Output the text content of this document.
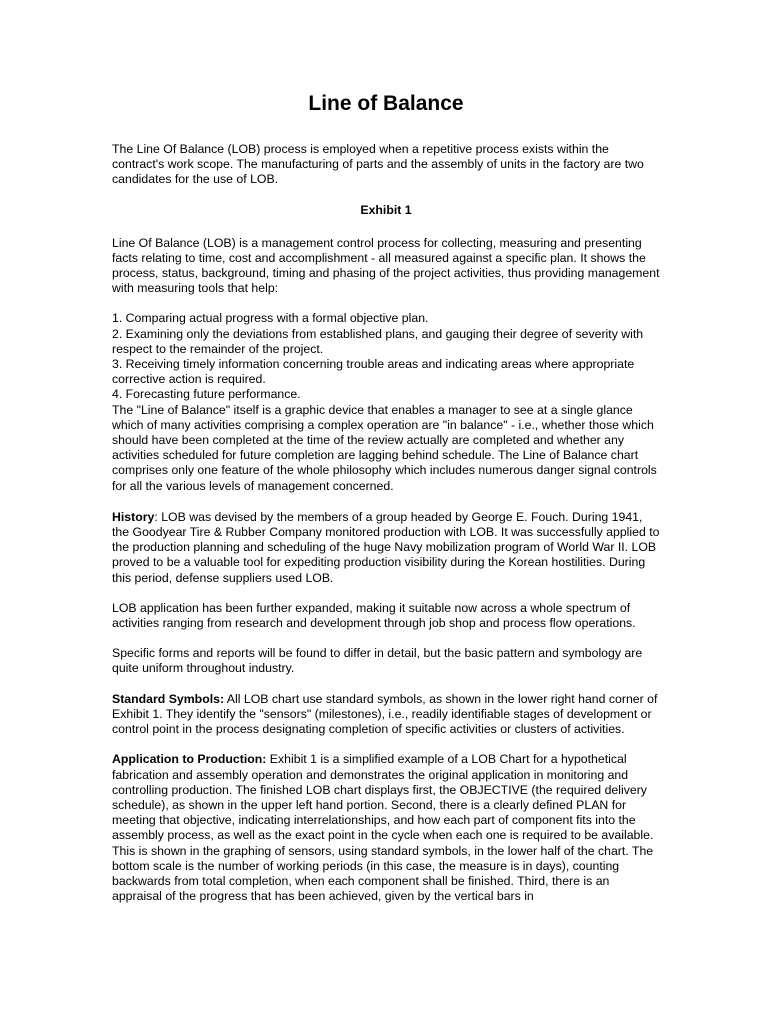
Line of Balance

The Line Of Balance (LOB) process is employed when a repetitive process exists within the contract's work scope. The manufacturing of parts and the assembly of units in the factory are two candidates for the use of LOB.

Exhibit 1

Line Of Balance (LOB) is a management control process for collecting, measuring and presenting facts relating to time, cost and accomplishment - all measured against a specific plan. It shows the process, status, background, timing and phasing of the project activities, thus providing management with measuring tools that help:

1. Comparing actual progress with a formal objective plan.

2. Examining only the deviations from established plans, and gauging their degree of severity with respect to the remainder of the project.

3. Receiving timely information concerning trouble areas and indicating areas where appropriate corrective action is required.

4. Forecasting future performance.

The "Line of Balance" itself is a graphic device that enables a manager to see at a single glance which of many activities comprising a complex operation are "in balance" - i.e., whether those which should have been completed at the time of the review actually are completed and whether any activities scheduled for future completion are lagging behind schedule. The Line of Balance chart comprises only one feature of the whole philosophy which includes numerous danger signal controls for all the various levels of management concerned.

History: LOB was devised by the members of a group headed by George E. Fouch. During 1941, the Goodyear Tire & Rubber Company monitored production with LOB. It was successfully applied to the production planning and scheduling of the huge Navy mobilization program of World War II. LOB proved to be a valuable tool for expediting production visibility during the Korean hostilities. During this period, defense suppliers used LOB.

LOB application has been further expanded, making it suitable now across a whole spectrum of activities ranging from research and development through job shop and process flow operations.

Specific forms and reports will be found to differ in detail, but the basic pattern and symbology are quite uniform throughout industry.

Standard Symbols: All LOB chart use standard symbols, as shown in the lower right hand corner of Exhibit 1. They identify the "sensors" (milestones), i.e., readily identifiable stages of development or control point in the process designating completion of specific activities or clusters of activities.

Application to Production: Exhibit 1 is a simplified example of a LOB Chart for a hypothetical fabrication and assembly operation and demonstrates the original application in monitoring and controlling production. The finished LOB chart displays first, the OBJECTIVE (the required delivery schedule), as shown in the upper left hand portion. Second, there is a clearly defined PLAN for meeting that objective, indicating interrelationships, and how each part of component fits into the assembly process, as well as the exact point in the cycle when each one is required to be available. This is shown in the graphing of sensors, using standard symbols, in the lower half of the chart. The bottom scale is the number of working periods (in this case, the measure is in days), counting backwards from total completion, when each component shall be finished. Third, there is an appraisal of the progress that has been achieved, given by the vertical bars in
